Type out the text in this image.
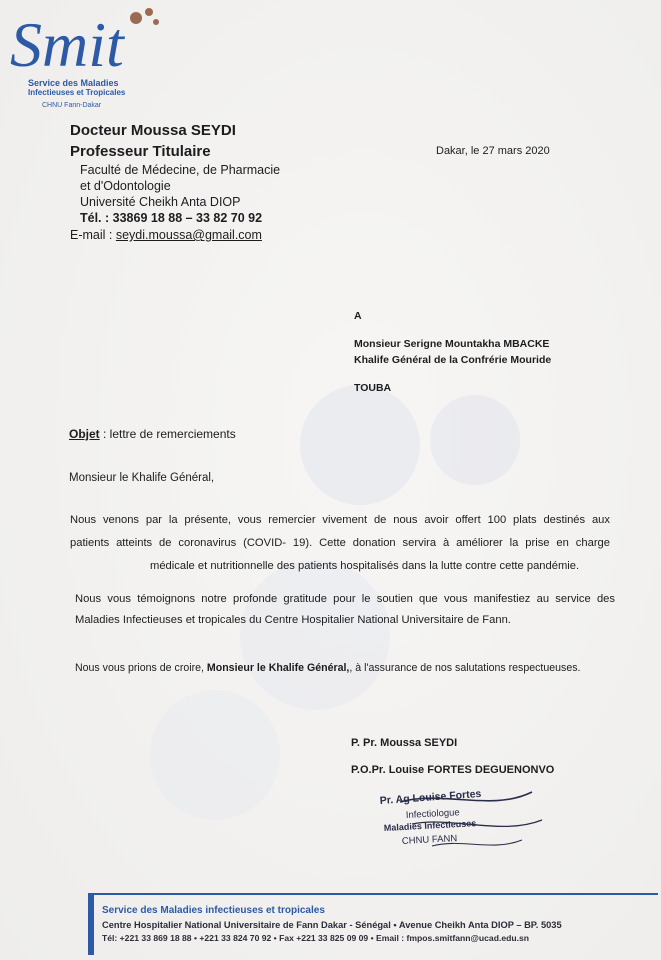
Smit
Service des Maladies
Infectieuses et Tropicales
CHNU Fann-Dakar
Docteur Moussa SEYDI
Professeur Titulaire
Faculté de Médecine, de Pharmacie
et d'Odontologie
Université Cheikh Anta DIOP
Tél. : 33869 18 88 – 33 82 70 92
E-mail : seydi.moussa@gmail.com
Dakar, le 27 mars 2020
A
Monsieur Serigne Mountakha MBACKE
Khalife Général de la Confrérie Mouride
TOUBA
Objet : lettre de remerciements
Monsieur le Khalife Général,
Nous venons par la présente, vous remercier vivement de nous avoir offert 100 plats destinés aux
patients atteints de coronavirus (COVID- 19). Cette donation servira à améliorer la prise en charge
médicale et nutritionnelle des patients hospitalisés dans la lutte contre cette pandémie.
Nous vous témoignons notre profonde gratitude pour le soutien que vous manifestiez au service des
Maladies Infectieuses et tropicales du Centre Hospitalier National Universitaire de Fann.
Nous vous prions de croire, Monsieur le Khalife Général,, à l'assurance de nos salutations respectueuses.
P. Pr. Moussa SEYDI
P.O.Pr. Louise FORTES DEGUENONVO
Pr. Ag Louise Fortes
Infectiologue
Maladies Infectieuses
CHNU FANN
Service des Maladies infectieuses et tropicales
Centre Hospitalier National Universitaire de Fann Dakar - Sénégal • Avenue Cheikh Anta DIOP – BP. 5035
Tél: +221 33 869 18 88 • +221 33 824 70 92 • Fax +221 33 825 09 09 • Email : fmpos.smitfann@ucad.edu.sn
